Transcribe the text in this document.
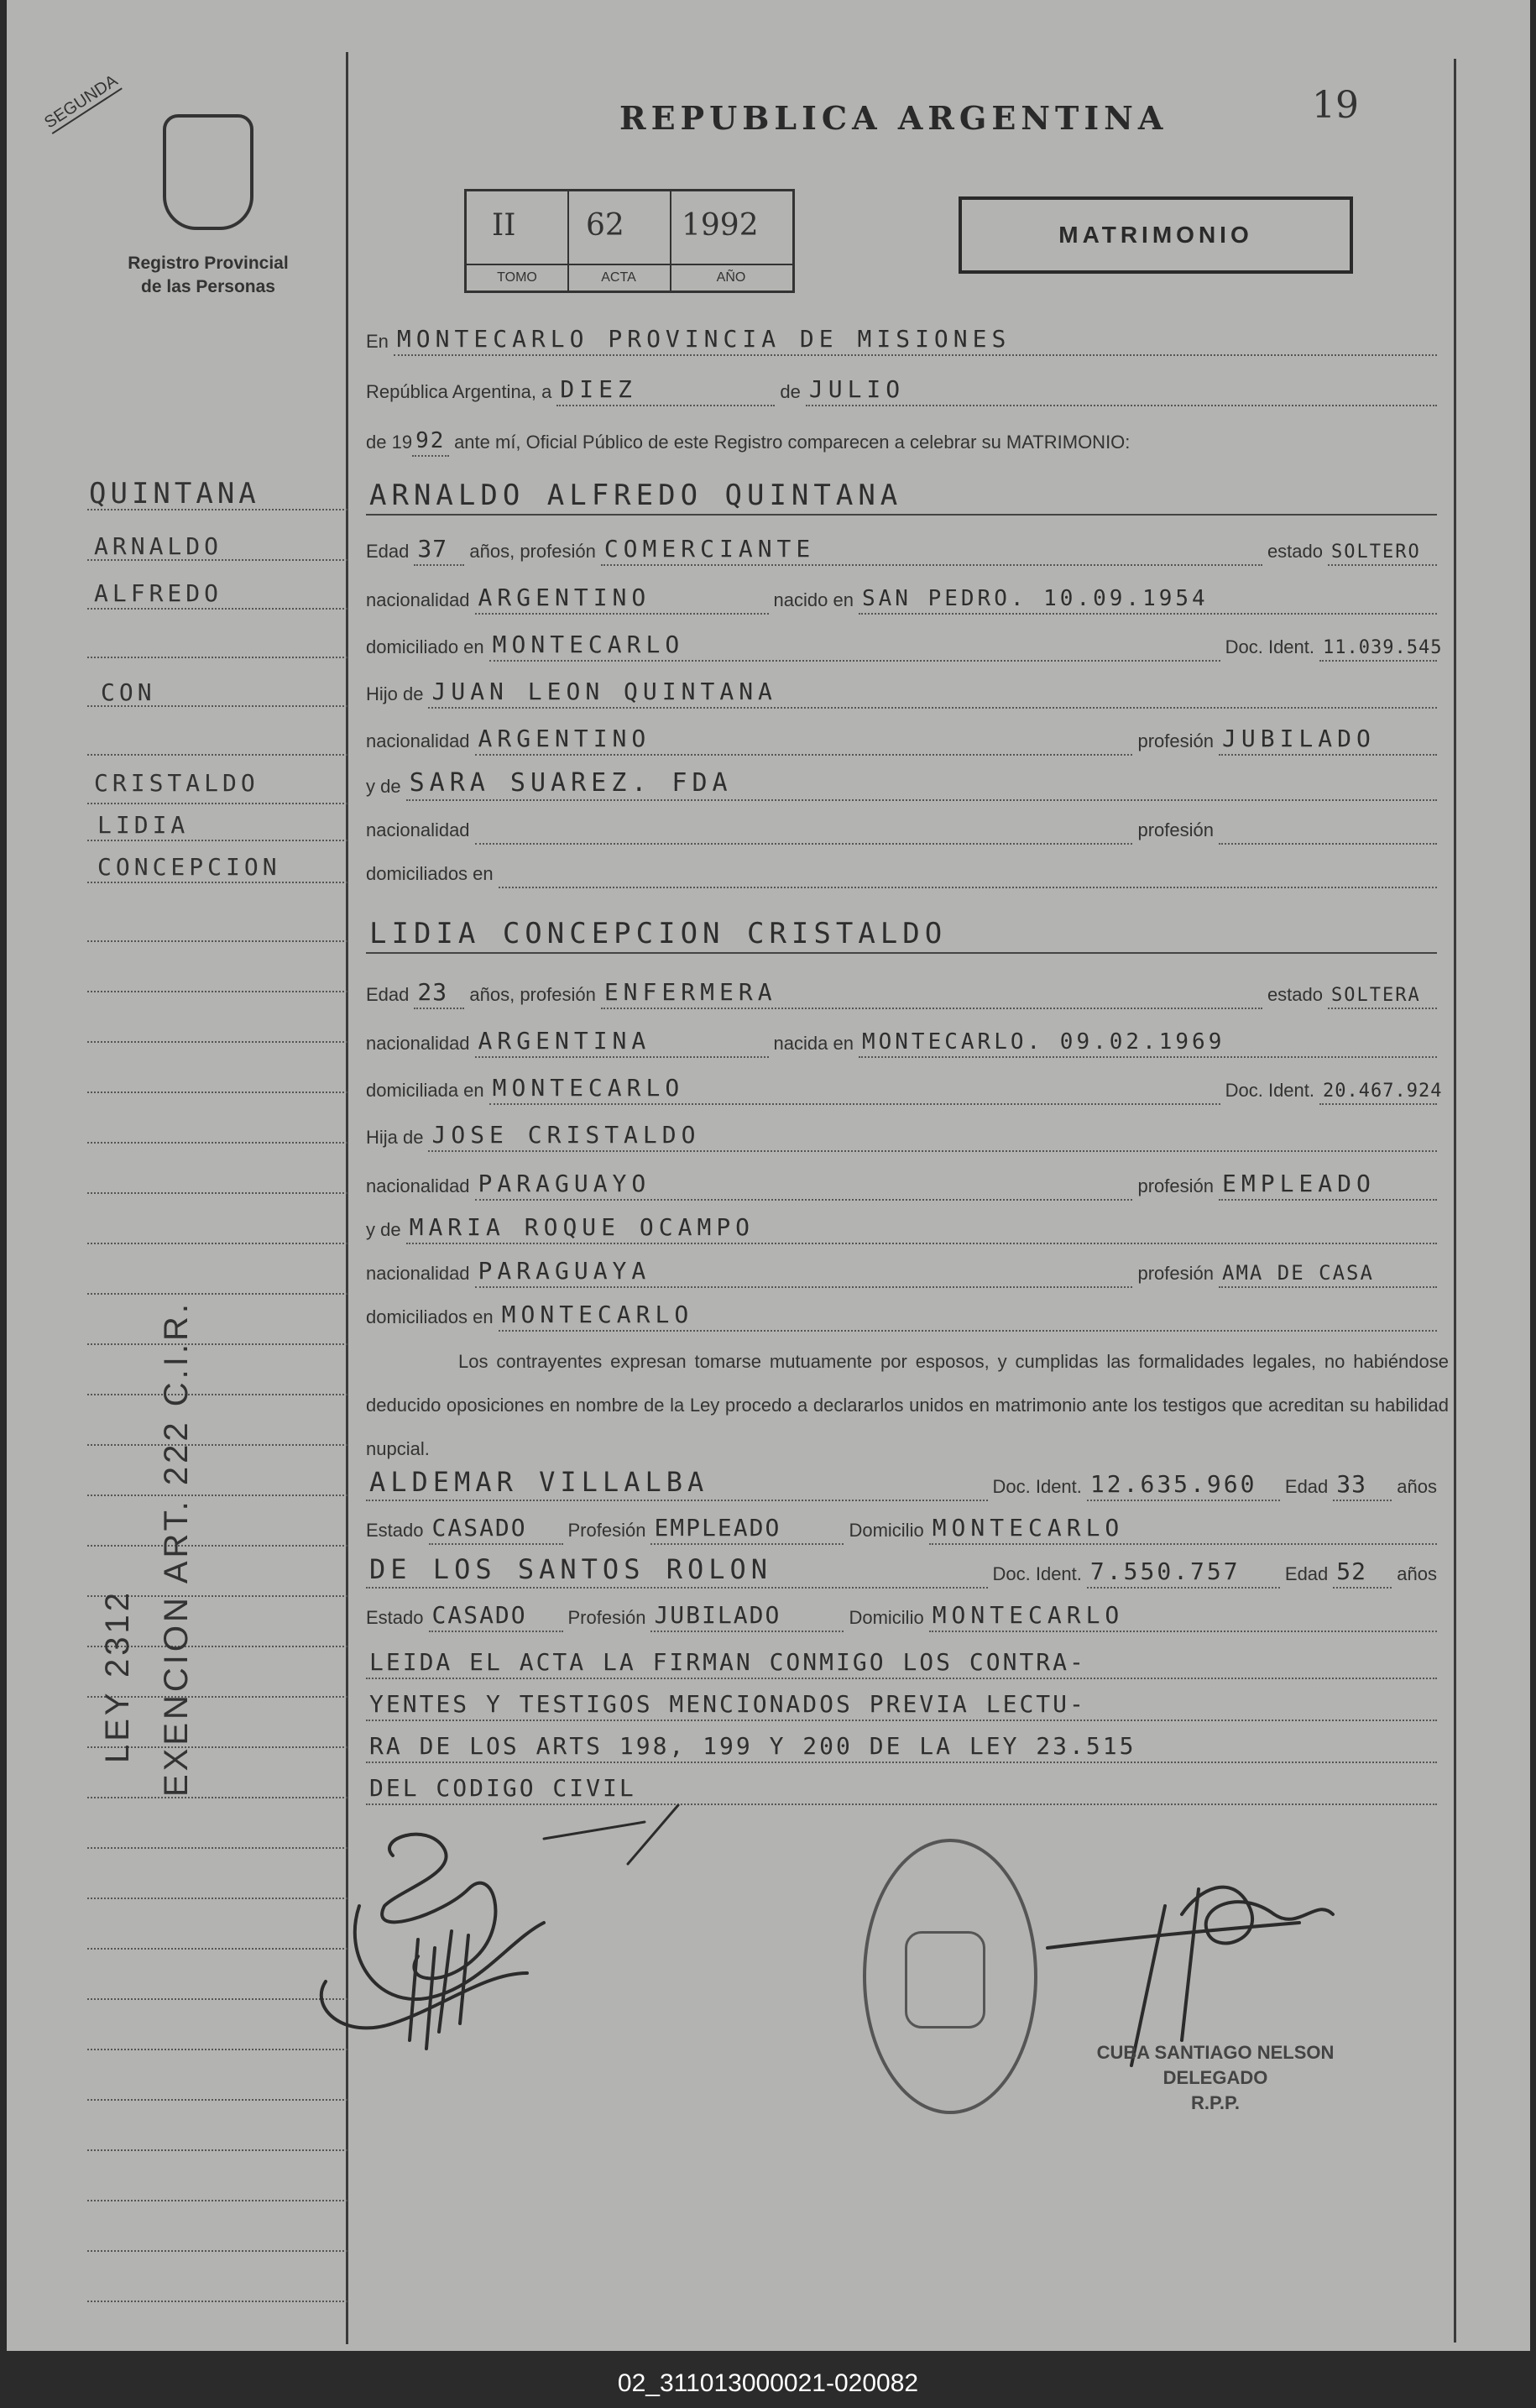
SEGUNDA
Registro Provincial
de las Personas
REPUBLICA ARGENTINA	19
II
TOMO
62
ACTA
1992
AÑO
MATRIMONIO
QUINTANA
ARNALDO
ALFREDO
CON
CRISTALDO
LIDIA
CONCEPCION
LEY 2312 EXENCION ART. 222 C.I.R.
En MONTECARLO PROVINCIA DE MISIONES
República Argentina, a DIEZ	de JULIO
de 19 92 ante mí, Oficial Público de este Registro comparecen a celebrar su MATRIMONIO:
ARNALDO ALFREDO QUINTANA
Edad 37 años, profesión COMERCIANTE	estado SOLTERO
nacionalidad ARGENTINO	nacido en SAN PEDRO. 10.09.1954
domiciliado en MONTECARLO	Doc. Ident. 11.039.545
Hijo de JUAN LEON QUINTANA
nacionalidad ARGENTINO	profesión JUBILADO
y de SARA SUAREZ. FDA
nacionalidad	profesión
domiciliados en
LIDIA CONCEPCION CRISTALDO
Edad 23 años, profesión ENFERMERA	estado SOLTERA
nacionalidad ARGENTINA	nacida en MONTECARLO. 09.02.1969
domiciliada en MONTECARLO	Doc. Ident. 20.467.924
Hija de JOSE CRISTALDO
nacionalidad PARAGUAYO	profesión EMPLEADO
y de MARIA ROQUE OCAMPO
nacionalidad PARAGUAYA	profesión AMA DE CASA
domiciliados en MONTECARLO
Los contrayentes expresan tomarse mutuamente por esposos, y cumplidas las formalidades legales, no habiéndose deducido oposiciones en nombre de la Ley procedo a declararlos unidos en matrimonio ante los testigos que acreditan su habilidad nupcial.
ALDEMAR VILLALBA	Doc. Ident. 12.635.960 Edad 33 años
Estado CASADO Profesión EMPLEADO	Domicilio MONTECARLO
DE LOS SANTOS ROLON	Doc. Ident. 7.550.757 Edad 52 años
Estado CASADO Profesión JUBILADO	Domicilio MONTECARLO
LEIDA EL ACTA LA FIRMAN CONMIGO LOS CONTRA-
YENTES Y TESTIGOS MENCIONADOS PREVIA LECTU-
RA DE LOS ARTS 198, 199 Y 200 DE LA LEY 23.515
DEL CODIGO CIVIL
CUBA SANTIAGO NELSON
DELEGADO
R.P.P.
02_311013000021-020082
